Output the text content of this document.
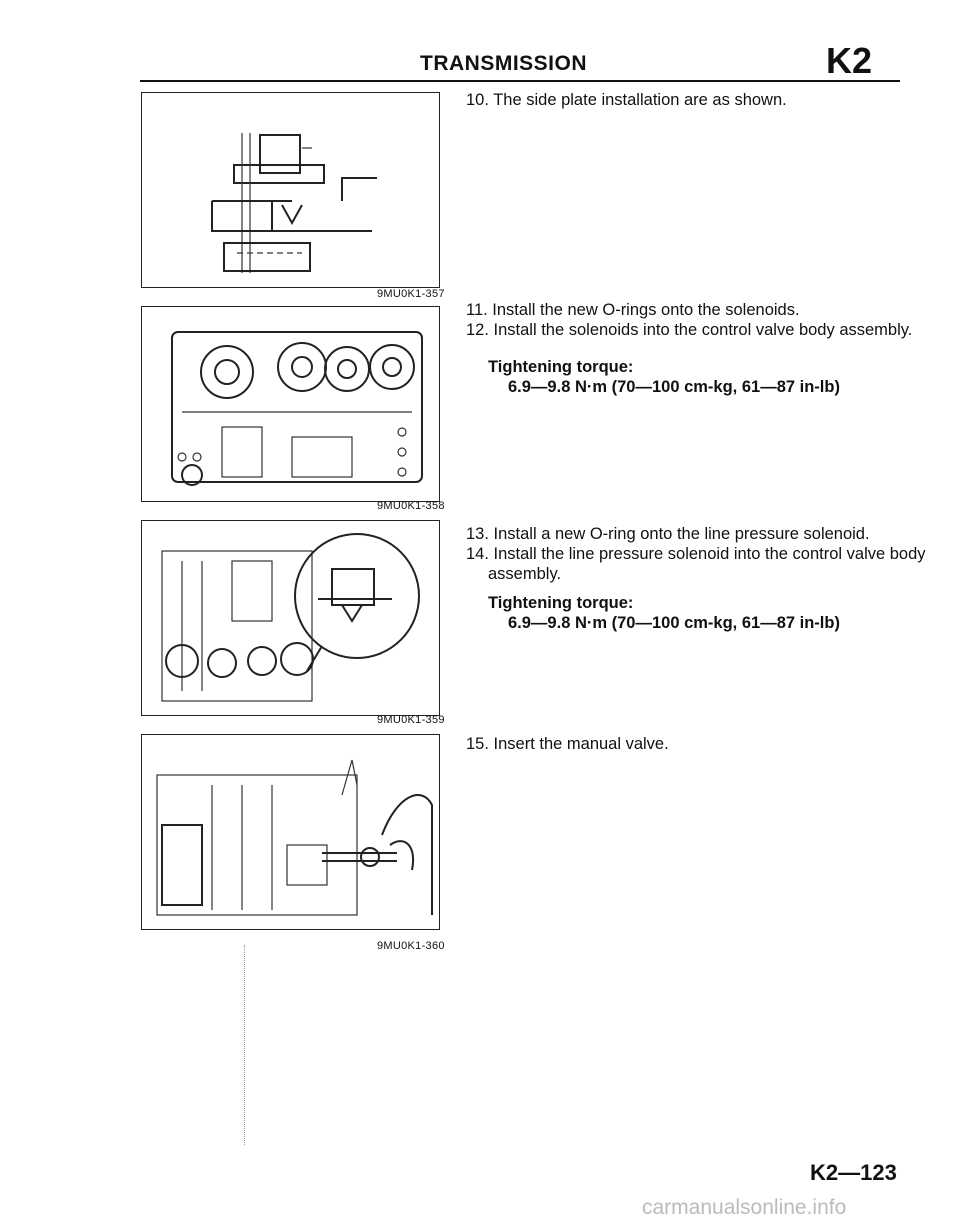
TRANSMISSION	K2
9MU0K1-357
9MU0K1-358
9MU0K1-359
9MU0K1-360
10. The side plate installation are as shown.
11. Install the new O-rings onto the solenoids.
12. Install the solenoids into the control valve body assembly.
Tightening torque:
6.9—9.8 N·m (70—100 cm-kg, 61—87 in-lb)
13. Install a new O-ring onto the line pressure solenoid.
14. Install the line pressure solenoid into the control valve body
assembly.
Tightening torque:
6.9—9.8 N·m (70—100 cm-kg, 61—87 in-lb)
15. Insert the manual valve.
K2—123
carmanualsonline.info
